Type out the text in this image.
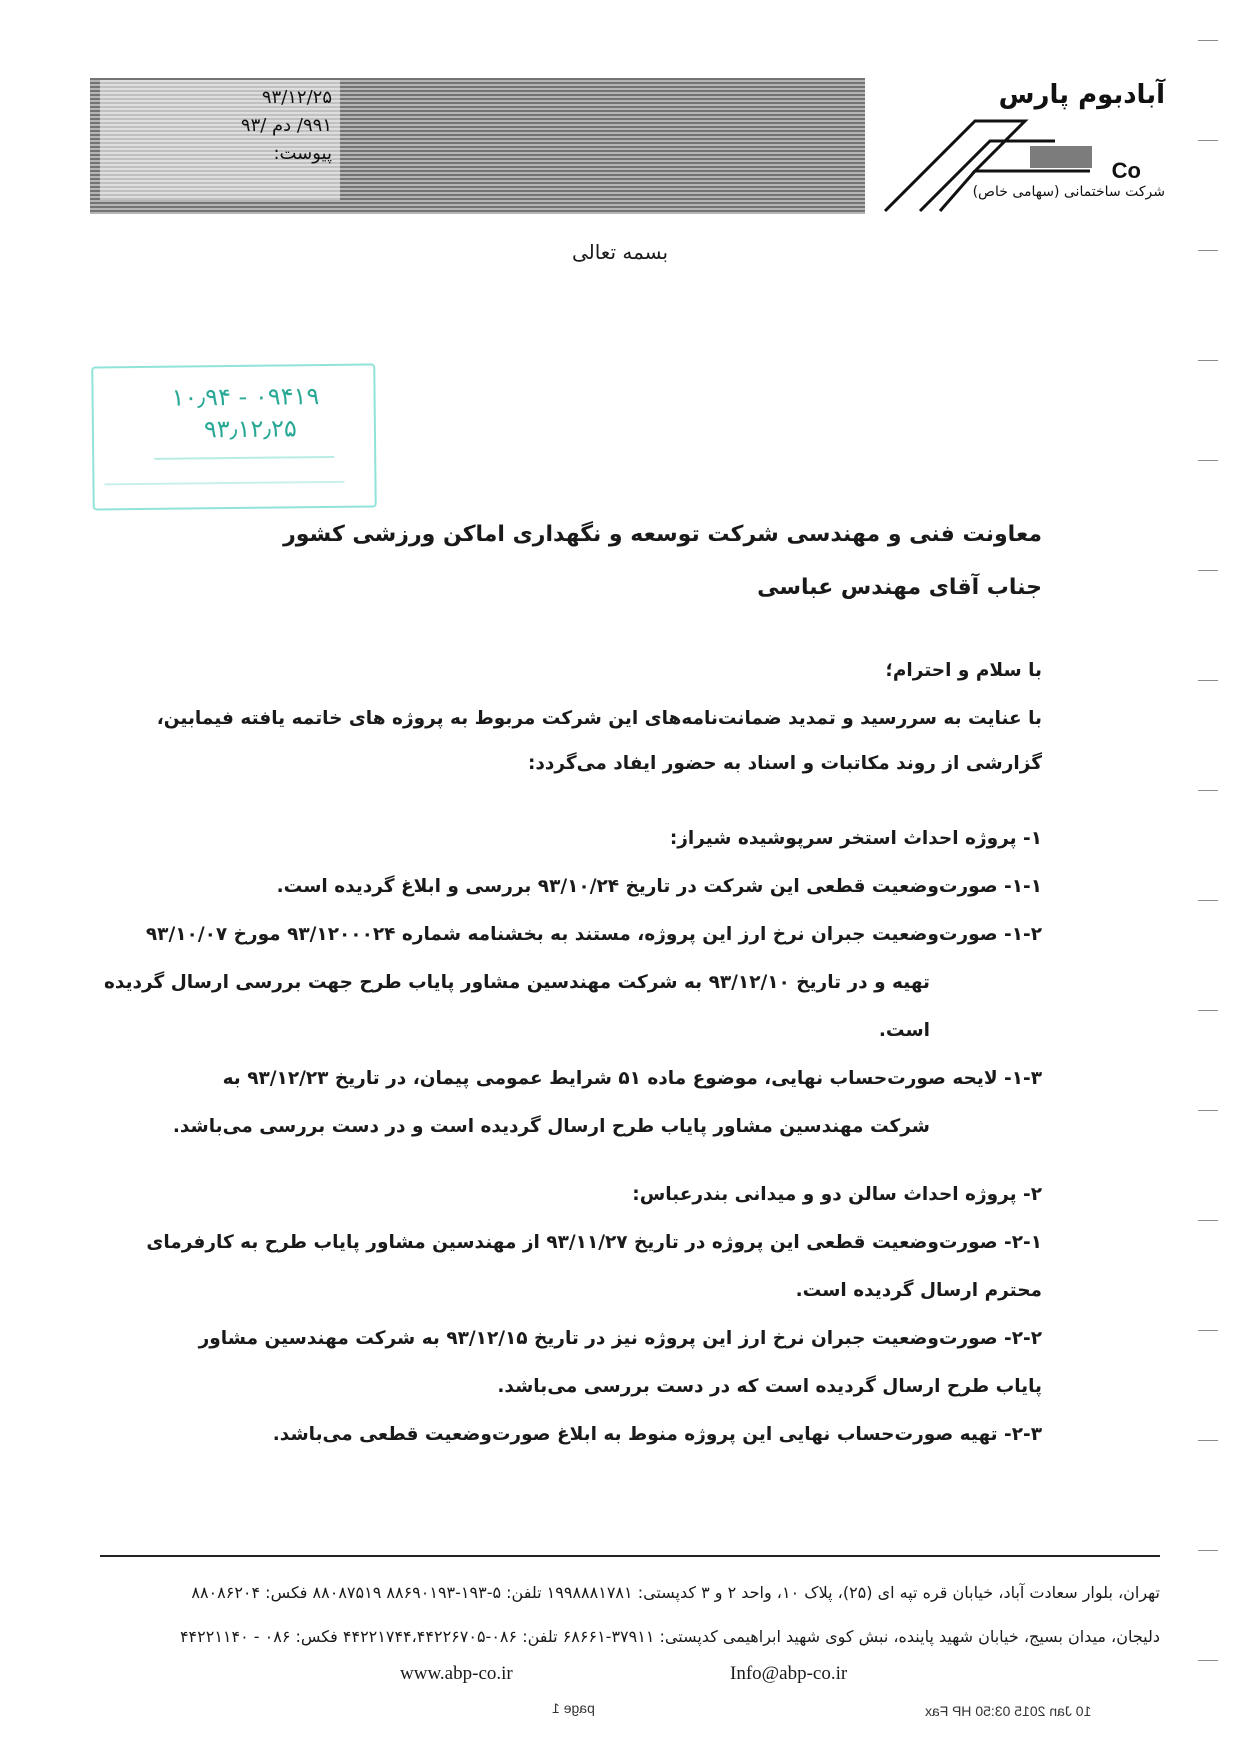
۹۳/۱۲/۲۵
۹۹۱/ دم /۹۳
پیوست:
آبادبوم پارس
Co
شرکت ساختمانی (سهامی خاص)
بسمه تعالی
۱۰٫۹۴ - ۰۹۴۱۹
۹۳٫۱۲٫۲۵
معاونت فنی و مهندسی شرکت توسعه و نگهداری اماکن ورزشی کشور
جناب آقای مهندس عباسی
با سلام و احترام؛
با عنایت به سررسید و تمدید ضمانت‌نامه‌های این شرکت مربوط به پروژه های خاتمه یافته فیمابین،
گزارشی از روند مکاتبات و اسناد به حضور ایفاد می‌گردد:
۱- پروژه احداث استخر سرپوشیده شیراز:
۱-۱- صورت‌وضعیت قطعی این شرکت در تاریخ ۹۳/۱۰/۲۴ بررسی و ابلاغ گردیده است.
۱-۲- صورت‌وضعیت جبران نرخ ارز این پروژه، مستند به بخشنامه شماره ۹۳/۱۲۰۰۰۲۴ مورخ ۹۳/۱۰/۰۷
تهیه و در تاریخ ۹۳/۱۲/۱۰ به شرکت مهندسین مشاور پایاب طرح جهت بررسی ارسال گردیده
است.
۱-۳- لایحه صورت‌حساب نهایی، موضوع ماده ۵۱ شرایط عمومی پیمان، در تاریخ ۹۳/۱۲/۲۳ به
شرکت مهندسین مشاور پایاب طرح ارسال گردیده است و در دست بررسی می‌باشد.
۲- پروژه احداث سالن دو و میدانی بندرعباس:
۲-۱- صورت‌وضعیت قطعی این پروژه در تاریخ ۹۳/۱۱/۲۷ از مهندسین مشاور پایاب طرح به کارفرمای
محترم ارسال گردیده است.
۲-۲- صورت‌وضعیت جبران نرخ ارز این پروژه نیز در تاریخ ۹۳/۱۲/۱۵ به شرکت مهندسین مشاور
پایاب طرح ارسال گردیده است که در دست بررسی می‌باشد.
۲-۳- تهیه صورت‌حساب نهایی این پروژه منوط به ابلاغ صورت‌وضعیت قطعی می‌باشد.
تهران، بلوار سعادت آباد، خیابان قره تپه ای (۲۵)، پلاک ۱۰، واحد ۲ و ۳ کدپستی: ۱۹۹۸۸۸۱۷۸۱ تلفن: ۵-۱۹۳-۸۸۶۹۰۱۹۳ ۸۸۰۸۷۵۱۹ فکس: ۸۸۰۸۶۲۰۴
دلیجان، میدان بسیج، خیابان شهید پاینده، نبش کوی شهید ابراهیمی کدپستی: ۳۷۹۱۱-۶۸۶۶۱ تلفن: ۰۸۶-۴۴۲۲۱۷۴۴،۴۴۲۲۶۷۰۵ فکس: ۰۸۶ - ۴۴۲۲۱۱۴۰
www.abp-co.ir	Info@abp-co.ir
page 1	10 Jan 2015 03:50 HP Fax
